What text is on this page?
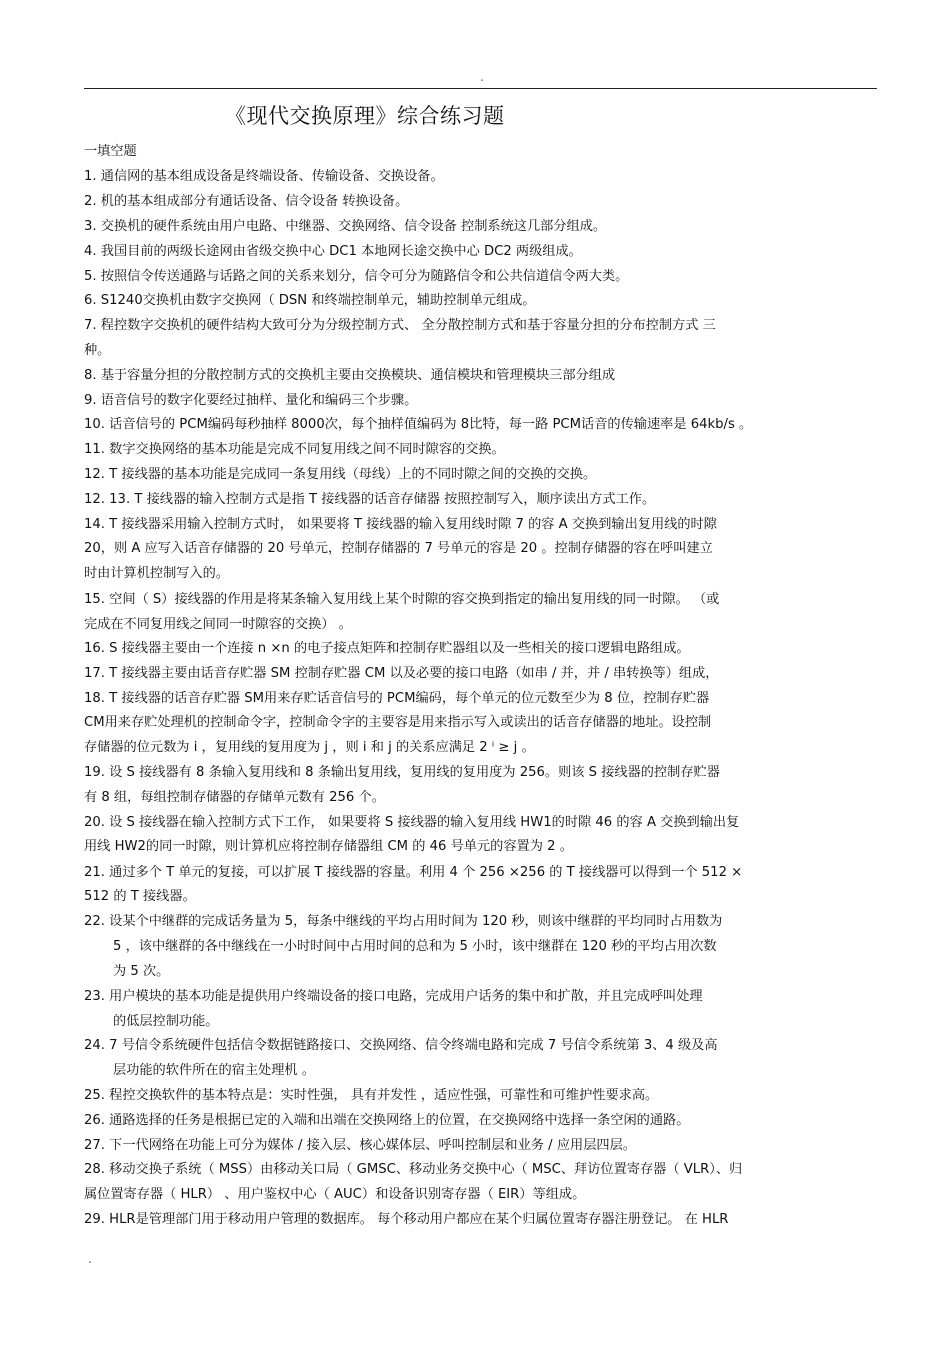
.
《现代交换原理》综合练习题
一填空题
1. 通信网的基本组成设备是终端设备、传输设备、交换设备。
2. 机的基本组成部分有通话设备、信令设备 转换设备。
3. 交换机的硬件系统由用户电路、中继器、交换网络、信令设备 控制系统这几部分组成。
4. 我国目前的两级长途网由省级交换中心 DC1 本地网长途交换中心 DC2 两级组成。
5. 按照信令传送通路与话路之间的关系来划分，信令可分为随路信令和公共信道信令两大类。
6. S1240交换机由数字交换网（ DSN 和终端控制单元，辅助控制单元组成。
7. 程控数字交换机的硬件结构大致可分为分级控制方式、 全分散控制方式和基于容量分担的分布控制方式 三
种。
8. 基于容量分担的分散控制方式的交换机主要由交换模块、通信模块和管理模块三部分组成
9. 语音信号的数字化要经过抽样、量化和编码三个步骤。
10. 话音信号的 PCM编码每秒抽样 8000次，每个抽样值编码为 8比特，每一路 PCM话音的传输速率是 64kb/s 。
11. 数字交换网络的基本功能是完成不同复用线之间不同时隙容的交换。
12. T 接线器的基本功能是完成同一条复用线（母线）上的不同时隙之间的交换的交换。
12. 13. T 接线器的输入控制方式是指 T 接线器的话音存储器 按照控制写入，顺序读出方式工作。
14. T 接线器采用输入控制方式时， 如果要将 T 接线器的输入复用线时隙 7 的容 A 交换到输出复用线的时隙
20，则 A 应写入话音存储器的 20 号单元，控制存储器的 7 号单元的容是 20 。控制存储器的容在呼叫建立
时由计算机控制写入的。
15. 空间（ S）接线器的作用是将某条输入复用线上某个时隙的容交换到指定的输出复用线的同一时隙。 （或
完成在不同复用线之间同一时隙容的交换） 。
16. S 接线器主要由一个连接 n ×n 的电子接点矩阵和控制存贮器组以及一些相关的接口逻辑电路组成。
17. T 接线器主要由话音存贮器 SM 控制存贮器 CM 以及必要的接口电路（如串 / 并，并 / 串转换等）组成，
18. T 接线器的话音存贮器 SM用来存贮话音信号的 PCM编码，每个单元的位元数至少为 8 位，控制存贮器
CM用来存贮处理机的控制命令字，控制命令字的主要容是用来指示写入或读出的话音存储器的地址。设控制
存储器的位元数为 i ，复用线的复用度为 j ，则 i 和 j 的关系应满足 2 ⁱ ≥ j 。
19. 设 S 接线器有 8 条输入复用线和 8 条输出复用线，复用线的复用度为 256。则该 S 接线器的控制存贮器
有 8 组，每组控制存储器的存储单元数有 256 个。
20. 设 S 接线器在输入控制方式下工作， 如果要将 S 接线器的输入复用线 HW1的时隙 46 的容 A 交换到输出复
用线 HW2的同一时隙，则计算机应将控制存储器组 CM 的 46 号单元的容置为 2 。
21. 通过多个 T 单元的复接，可以扩展 T 接线器的容量。利用 4 个 256 ×256 的 T 接线器可以得到一个 512 ×
512 的 T 接线器。
22. 设某个中继群的完成话务量为 5，每条中继线的平均占用时间为 120 秒，则该中继群的平均同时占用数为
5 ，该中继群的各中继线在一小时时间中占用时间的总和为 5 小时，该中继群在 120 秒的平均占用次数
为 5 次。
23. 用户模块的基本功能是提供用户终端设备的接口电路，完成用户话务的集中和扩散，并且完成呼叫处理
的低层控制功能。
24. 7 号信令系统硬件包括信令数据链路接口、交换网络、信令终端电路和完成 7 号信令系统第 3、4 级及高
层功能的软件所在的宿主处理机 。
25. 程控交换软件的基本特点是：实时性强， 具有并发性 ，适应性强，可靠性和可维护性要求高。
26. 通路选择的任务是根据已定的入端和出端在交换网络上的位置，在交换网络中选择一条空闲的通路。
27. 下一代网络在功能上可分为媒体 / 接入层、核心媒体层、呼叫控制层和业务 / 应用层四层。
28. 移动交换子系统（ MSS）由移动关口局（ GMSC、移动业务交换中心（ MSC、拜访位置寄存器（ VLR）、归
属位置寄存器（ HLR） 、用户鉴权中心（ AUC）和设备识别寄存器（ EIR）等组成。
29. HLR是管理部门用于移动用户管理的数据库。 每个移动用户都应在某个归属位置寄存器注册登记。 在 HLR
.
